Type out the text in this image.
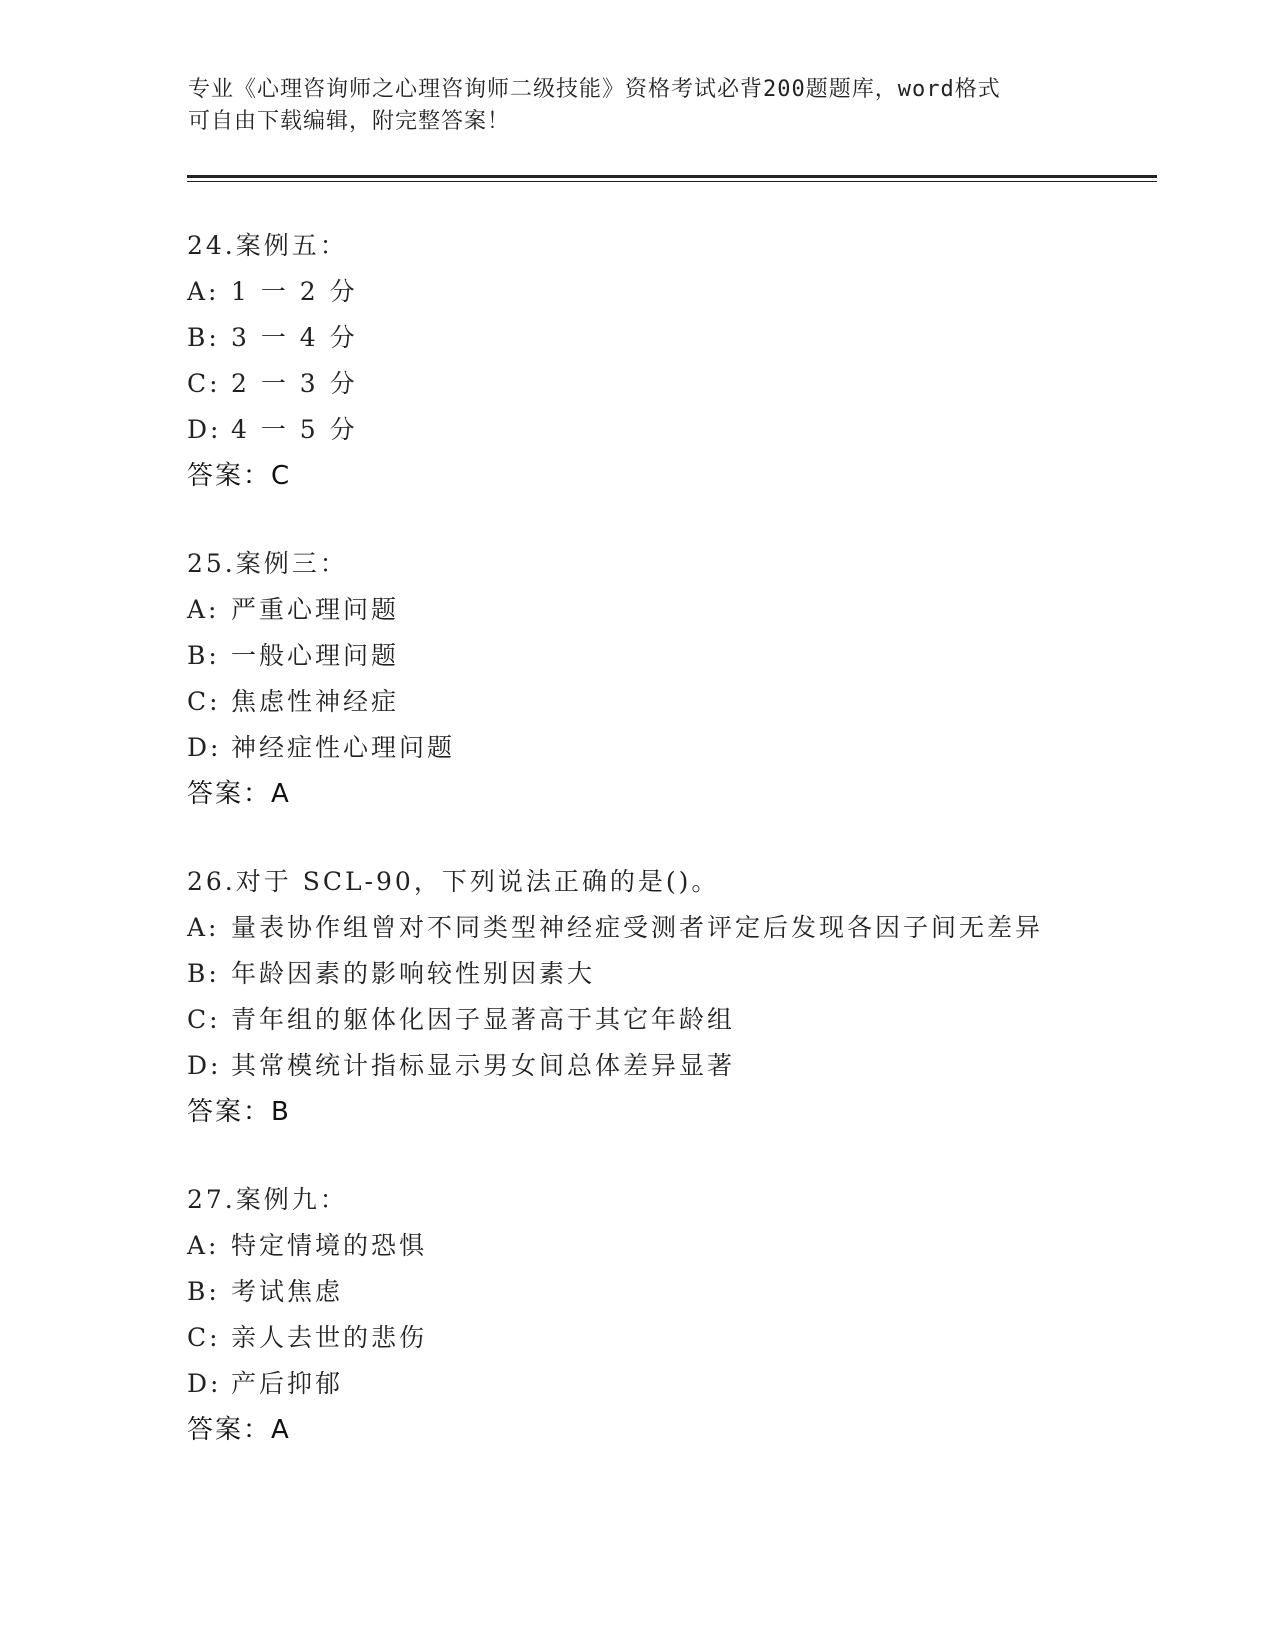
专业《心理咨询师之心理咨询师二级技能》资格考试必背200题题库，word格式
可自由下载编辑，附完整答案！
24.案例五：
A: 1 一 2 分
B: 3 一 4 分
C: 2 一 3 分
D: 4 一 5 分
答案：C
25.案例三：
A: 严重心理问题
B: 一般心理问题
C: 焦虑性神经症
D: 神经症性心理问题
答案：A
26.对于 SCL-90，下列说法正确的是()。
A: 量表协作组曾对不同类型神经症受测者评定后发现各因子间无差异
B: 年龄因素的影响较性别因素大
C: 青年组的躯体化因子显著高于其它年龄组
D: 其常模统计指标显示男女间总体差异显著
答案：B
27.案例九：
A: 特定情境的恐惧
B: 考试焦虑
C: 亲人去世的悲伤
D: 产后抑郁
答案：A
